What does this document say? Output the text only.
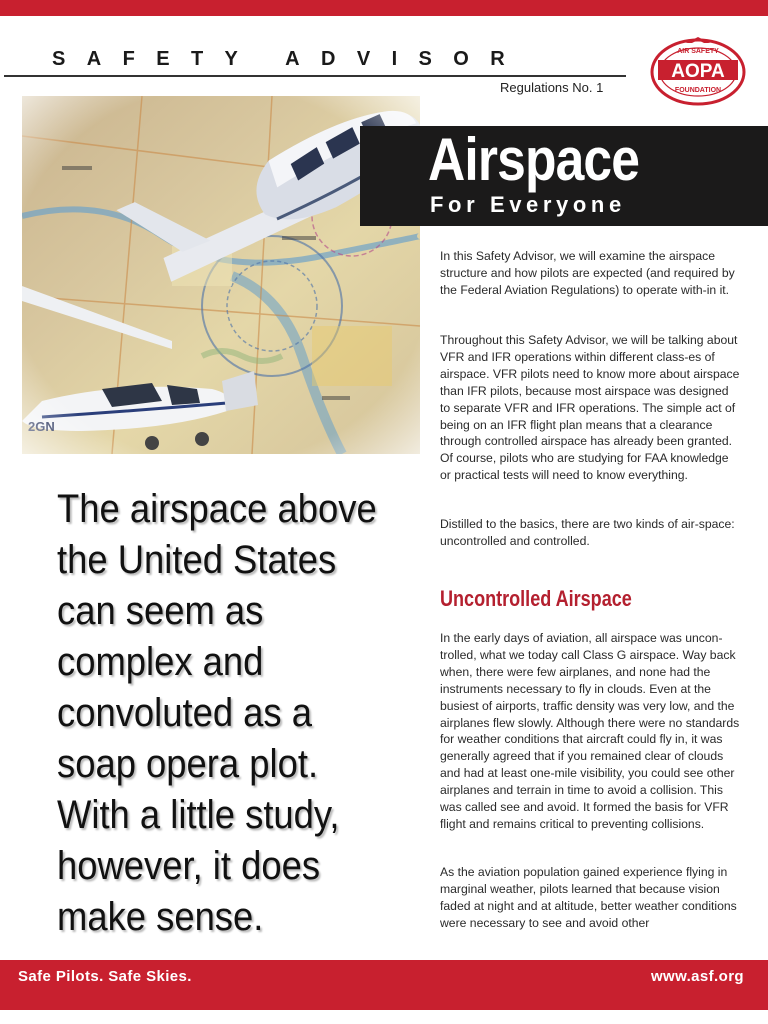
SAFETY ADVISOR
Regulations No. 1
AIR SAFETY
AOPA
FOUNDATION
Airspace
For Everyone
The airspace above the United States can seem as complex and convoluted as a soap opera plot. With a little study, however, it does make sense.

In this Safety Advisor, we will examine the airspace structure and how pilots are expected (and required by the Federal Aviation Regulations) to operate with-in it.

Throughout this Safety Advisor, we will be talking about VFR and IFR operations within different class-es of airspace. VFR pilots need to know more about airspace than IFR pilots, because most airspace was designed to separate VFR and IFR operations. The simple act of being on an IFR flight plan means that a clearance through controlled airspace has already been granted. Of course, pilots who are studying for FAA knowledge or practical tests will need to know everything.

Distilled to the basics, there are two kinds of air-space: uncontrolled and controlled.

Uncontrolled Airspace

In the early days of aviation, all airspace was uncon-trolled, what we today call Class G airspace. Way back when, there were few airplanes, and none had the instruments necessary to fly in clouds. Even at the busiest of airports, traffic density was very low, and the airplanes flew slowly. Although there were no standards for weather conditions that aircraft could fly in, it was generally agreed that if you remained clear of clouds and had at least one-mile visibility, you could see other airplanes and terrain in time to avoid a collision. This was called see and avoid. It formed the basis for VFR flight and remains critical to preventing collisions.

As the aviation population gained experience flying in marginal weather, pilots learned that because vision faded at night and at altitude, better weather conditions were necessary to see and avoid other

Safe Pilots. Safe Skies.	www.asf.org
